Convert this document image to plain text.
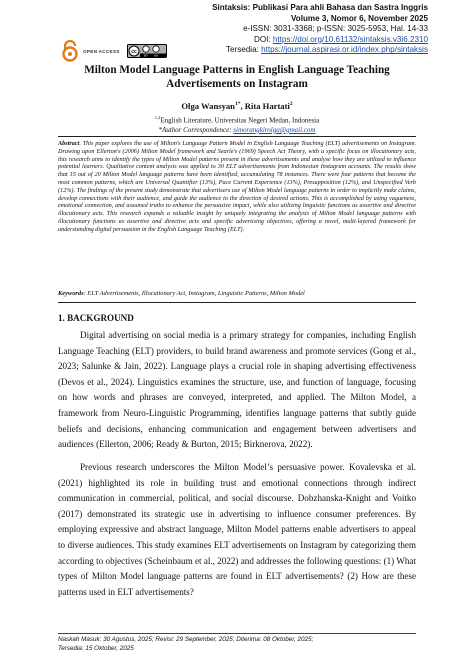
OPEN ACCESS cc
BY SA
Sintaksis: Publikasi Para ahli Bahasa dan Sastra Inggris
Volume 3, Nomor 6, November 2025
e-ISSN: 3031-3368; p-ISSN: 3025-5953, Hal. 14-33
DOI: https://doi.org/10.61132/sintaksis.v3i6.2310
Tersedia: https://journal.aspirasi.or.id/index.php/sintaksis
Milton Model Language Patterns in English Language Teaching Advertisements on Instagram
Olga Wansyan$^{1*}$, Rita Hartati$^2$
$^{1,2}$English Literature, Universitas Negeri Medan, Indonesia
*Author Correspondence: simorangkirolga@gmail.com
Abstract. This paper explores the use of Milton's Language Pattern Model in English Language Teaching (ELT) advertisements on Instagram. Drawing upon Ellerton's (2006) Milton Model framework and Searle's (1969) Speech Act Theory, with a specific focus on illocutionary acts, this research aims to identify the types of Milton Model patterns present in these advertisements and analyse how they are utilized to influence potential learners. Qualitative content analysis was applied to 30 ELT advertisements from Indonesian Instagram accounts. The results show that 15 out of 20 Milton Model language patterns have been identified, accumulating 78 instances. There were four patterns that become the most common patterns, which are Universal Quantifier (13%), Pace Current Experience (13%), Presupposition (12%), and Unspecified Verb (12%). The findings of the present study demonstrate that advertisers use of Milton Model language patterns in order to implicitly make claims, develop connections with their audience, and guide the audience to the direction of desired actions. This is accomplished by using vagueness, emotional connection, and assumed truths to enhance the persuasive impact, while also utilizing linguistic functions as assertive and directive illocutionary acts. This research expands a valuable insight by uniquely integrating the analysis of Milton Model language patterns with illocutionary functions as assertive and directive acts and specific advertising objectives, offering a novel, multi-layered framework for understanding digital persuasion in the English Language Teaching (ELT).
Keywords: ELT Advertisements, Illocutionary Act, Instagram, Linguistic Patterns, Milton Model
1. BACKGROUND
Digital advertising on social media is a primary strategy for companies, including English Language Teaching (ELT) providers, to build brand awareness and promote services (Gong et al., 2023; Salunke & Jain, 2022). Language plays a crucial role in shaping advertising effectiveness (Devos et al., 2024). Linguistics examines the structure, use, and function of language, focusing on how words and phrases are conveyed, interpreted, and applied. The Milton Model, a framework from Neuro-Linguistic Programming, identifies language patterns that subtly guide beliefs and decisions, enhancing communication and engagement between advertisers and audiences (Ellerton, 2006; Ready & Burton, 2015; Birknerova, 2022).
Previous research underscores the Milton Model’s persuasive power. Kovalevska et al. (2021) highlighted its role in building trust and emotional connections through indirect communication in commercial, political, and social discourse. Dobzhanska-Knight and Voitko (2017) demonstrated its strategic use in advertising to influence consumer preferences. By employing expressive and abstract language, Milton Model patterns enable advertisers to appeal to diverse audiences. This study examines ELT advertisements on Instagram by categorizing them according to objectives (Scheinbaum et al., 2022) and addresses the following questions: (1) What types of Milton Model language patterns are found in ELT advertisements? (2) How are these patterns used in ELT advertisements?
Naskah Masuk: 30 Agustus, 2025; Revisi: 29 September, 2025; Diterima: 08 Oktober, 2025;
Tersedia: 15 Oktober, 2025
